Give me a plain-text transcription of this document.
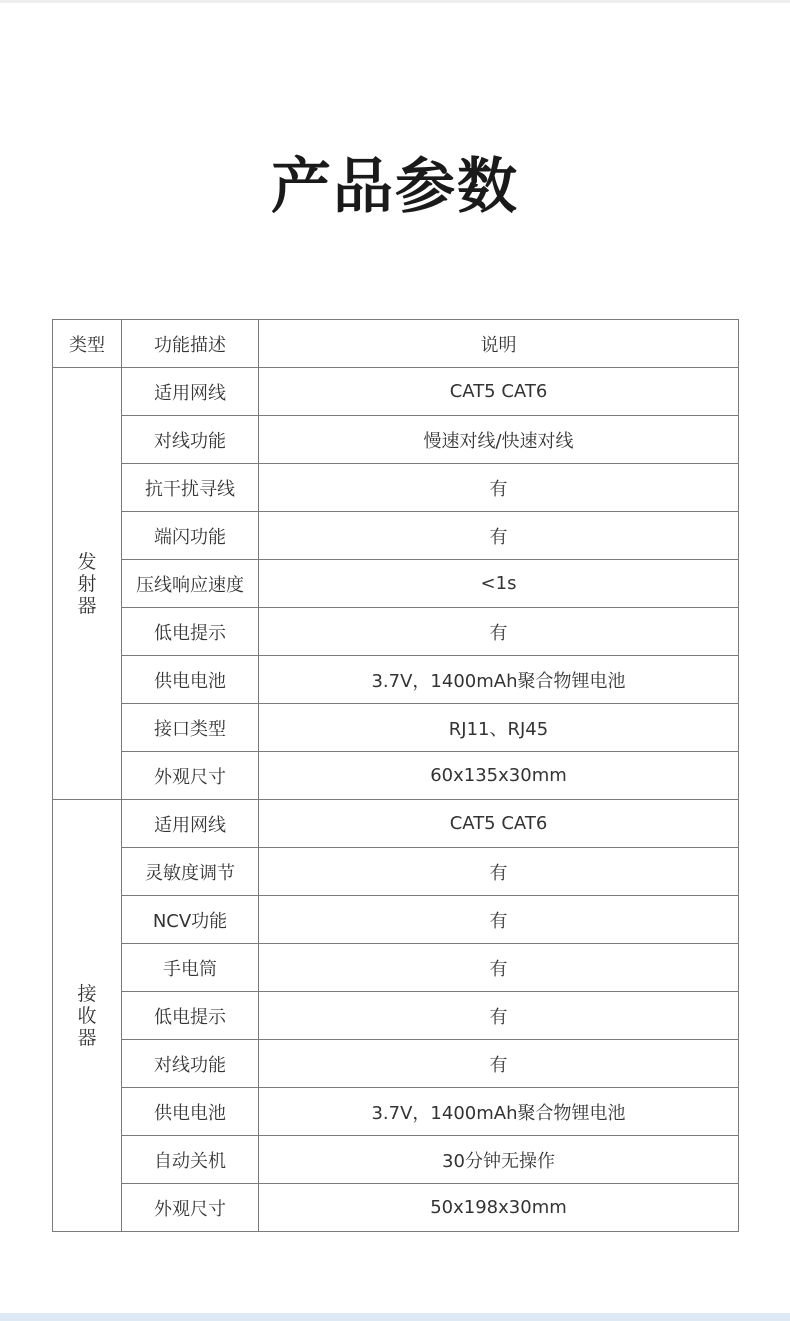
产品参数
类型	功能描述	说明
发射器	适用网线	CAT5 CAT6
	对线功能	慢速对线/快速对线
	抗干扰寻线	有
	端闪功能	有
	压线响应速度	<1s
	低电提示	有
	供电电池	3.7V，1400mAh聚合物锂电池
	接口类型	RJ11、RJ45
	外观尺寸	60x135x30mm
接收器	适用网线	CAT5 CAT6
	灵敏度调节	有
	NCV功能	有
	手电筒	有
	低电提示	有
	对线功能	有
	供电电池	3.7V，1400mAh聚合物锂电池
	自动关机	30分钟无操作
	外观尺寸	50x198x30mm
